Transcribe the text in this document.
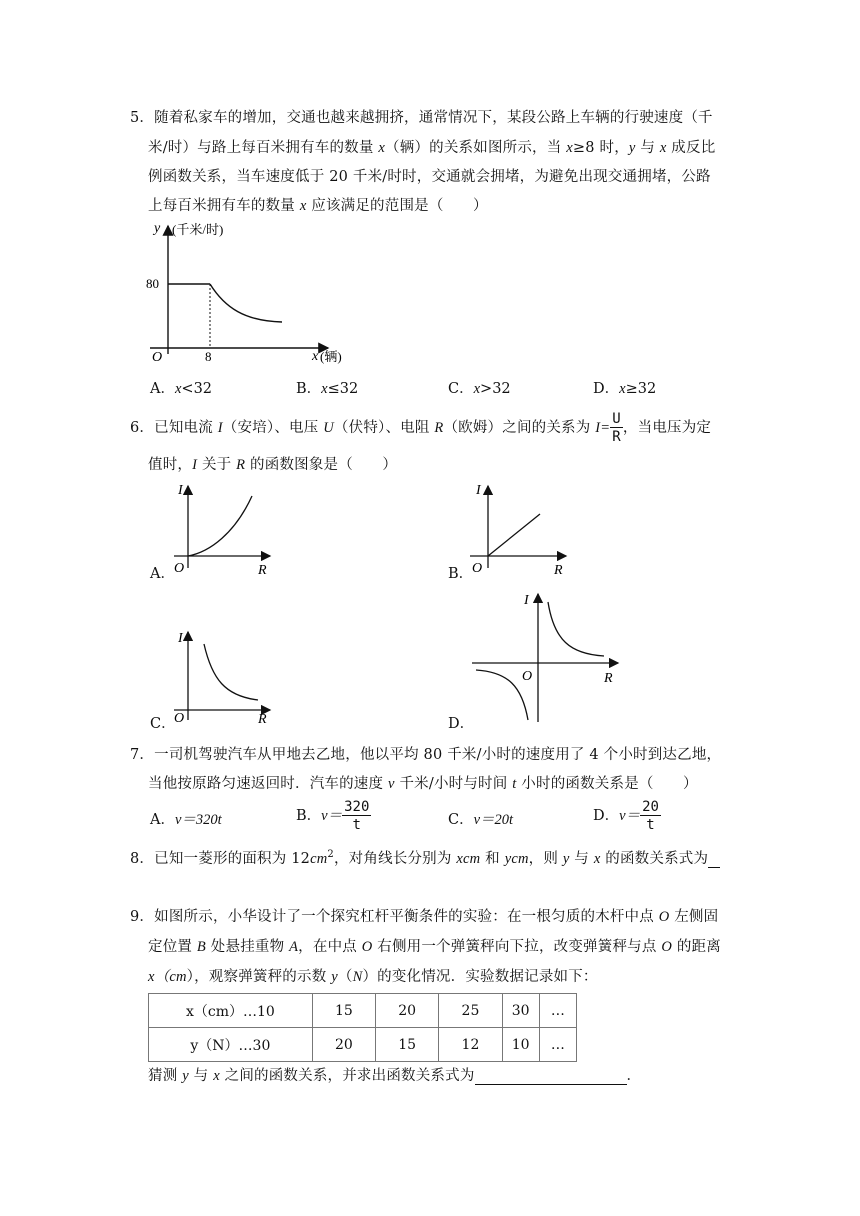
5．随着私家车的增加，交通也越来越拥挤，通常情况下，某段公路上车辆的行驶速度（千
米/时）与路上每百米拥有车的数量 x（辆）的关系如图所示，当 x≥8 时，y 与 x 成反比
例函数关系，当车速度低于 20 千米/时时，交通就会拥堵，为避免出现交通拥堵，公路
上每百米拥有车的数量 x 应该满足的范围是（　　）
y (千米/时)
80
O	8	x (辆)
A．x<32	B．x≤32	C．x>32	D．x≥32
6．已知电流 I（安培）、电压 U（伏特）、电阻 R（欧姆）之间的关系为 $I= \frac{U}{R}$ ，当电压为定
值时，I 关于 R 的函数图象是（　　）
I
O	R
A．
I
O	R
B．
I
O	R
C．
I
O	R
D．
7．一司机驾驶汽车从甲地去乙地，他以平均 80 千米/小时的速度用了 4 个小时到达乙地，
当他按原路匀速返回时．汽车的速度 v 千米/小时与时间 t 小时的函数关系是（　　）
A．v＝320t	B．$v= \frac{320}{t}$	C．v＝20t	D．$v= \frac{20}{t}$
8．已知一菱形的面积为 $12cm^2$，对角线长分别为 xcm 和 ycm，则 y 与 x 的函数关系式为
9．如图所示，小华设计了一个探究杠杆平衡条件的实验：在一根匀质的木杆中点 O 左侧固
定位置 B 处悬挂重物 A，在中点 O 右侧用一个弹簧秤向下拉，改变弹簧秤与点 O 的距离
x（cm），观察弹簧秤的示数 y（N）的变化情况．实验数据记录如下：
x（cm）…10	15	20	25	30	…
y（N）…30	20	15	12	10	…
猜测 y 与 x 之间的函数关系，并求出函数关系式为	．
